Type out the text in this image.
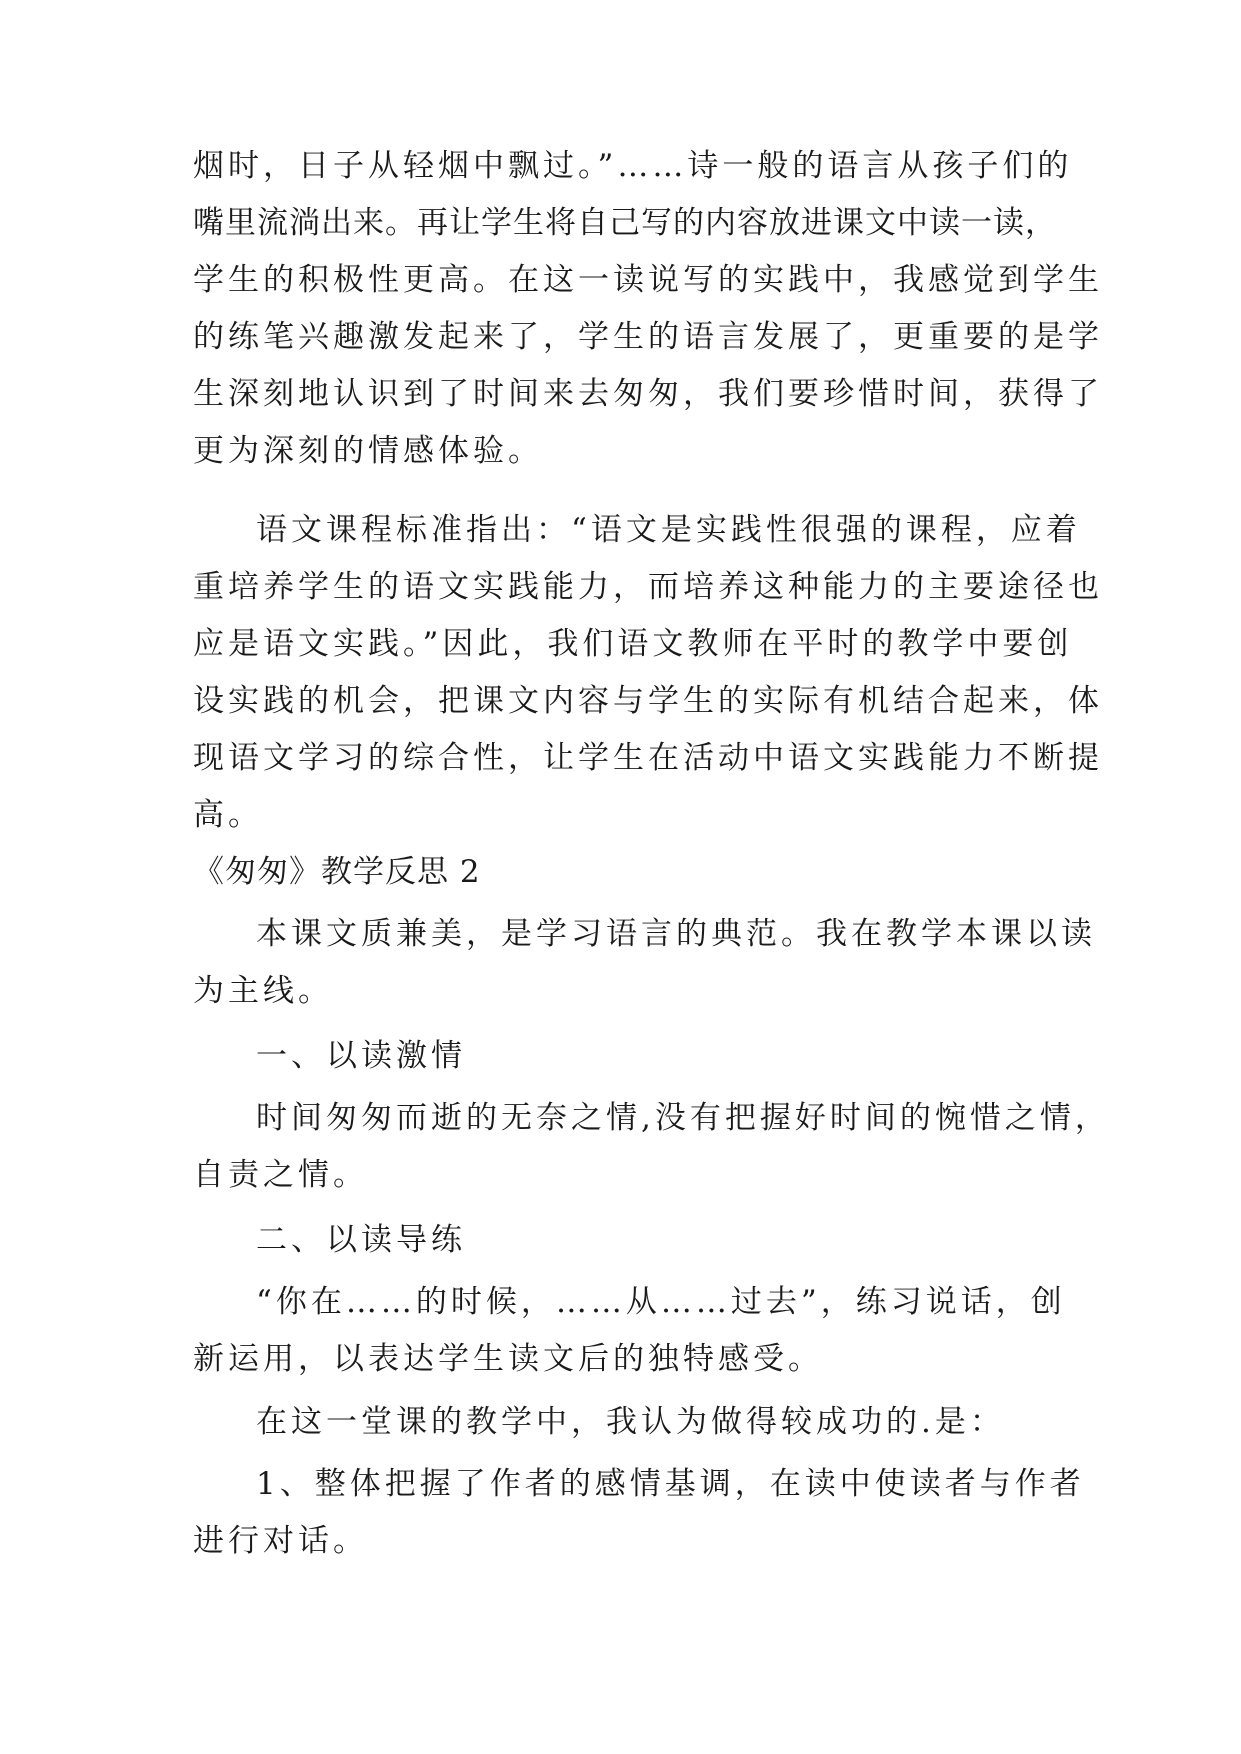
烟时，日子从轻烟中飘过。”……诗一般的语言从孩子们的
嘴里流淌出来。再让学生将自己写的内容放进课文中读一读，
学生的积极性更高。在这一读说写的实践中，我感觉到学生
的练笔兴趣激发起来了，学生的语言发展了，更重要的是学
生深刻地认识到了时间来去匆匆，我们要珍惜时间，获得了
更为深刻的情感体验。
语文课程标准指出：“语文是实践性很强的课程，应着
重培养学生的语文实践能力，而培养这种能力的主要途径也
应是语文实践。”因此，我们语文教师在平时的教学中要创
设实践的机会，把课文内容与学生的实际有机结合起来，体
现语文学习的综合性，让学生在活动中语文实践能力不断提
高。
《匆匆》教学反思 2
本课文质兼美，是学习语言的典范。我在教学本课以读
为主线。
一、以读激情
时间匆匆而逝的无奈之情,没有把握好时间的惋惜之情，
自责之情。
二、以读导练
“你在……的时候，……从……过去”，练习说话，创
新运用，以表达学生读文后的独特感受。
在这一堂课的教学中，我认为做得较成功的.是：
1、整体把握了作者的感情基调，在读中使读者与作者
进行对话。
